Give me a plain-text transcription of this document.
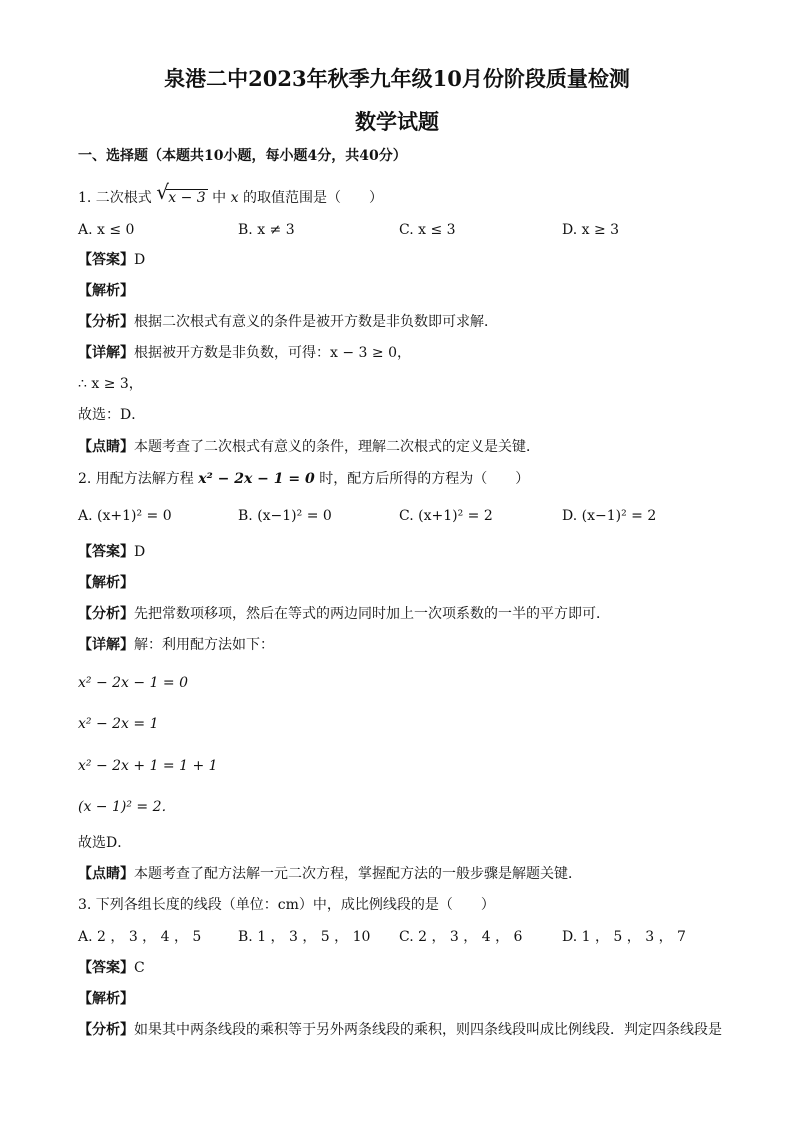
泉港二中2023年秋季九年级10月份阶段质量检测
数学试题
一、选择题（本题共10小题，每小题4分，共40分）
1. 二次根式 √ x − 3 中 x 的取值范围是（　　）
A. x ≤ 0	B. x ≠ 3	C. x ≤ 3	D. x ≥ 3
【答案】D
【解析】
【分析】根据二次根式有意义的条件是被开方数是非负数即可求解．
【详解】根据被开方数是非负数，可得：x − 3 ≥ 0，
∴ x ≥ 3，
故选：D．
【点睛】本题考查了二次根式有意义的条件，理解二次根式的定义是关键．
2. 用配方法解方程 x² − 2x − 1 = 0 时，配方后所得的方程为（　　）
A. (x+1)² = 0	B. (x−1)² = 0	C. (x+1)² = 2	D. (x−1)² = 2
【答案】D
【解析】
【分析】先把常数项移项，然后在等式的两边同时加上一次项系数的一半的平方即可．
【详解】解：利用配方法如下：
x² − 2x − 1 = 0
x² − 2x = 1
x² − 2x + 1 = 1 + 1
(x − 1)² = 2．
故选D．
【点睛】本题考查了配方法解一元二次方程，掌握配方法的一般步骤是解题关键．
3. 下列各组长度的线段（单位：cm）中，成比例线段的是（　　）
A. 2 ， 3 ， 4 ， 5	B. 1 ， 3 ， 5 ， 10 C. 2 ， 3 ， 4 ， 6	D. 1 ， 5 ， 3 ， 7
【答案】C
【解析】
【分析】如果其中两条线段的乘积等于另外两条线段的乘积，则四条线段叫成比例线段．判定四条线段是
